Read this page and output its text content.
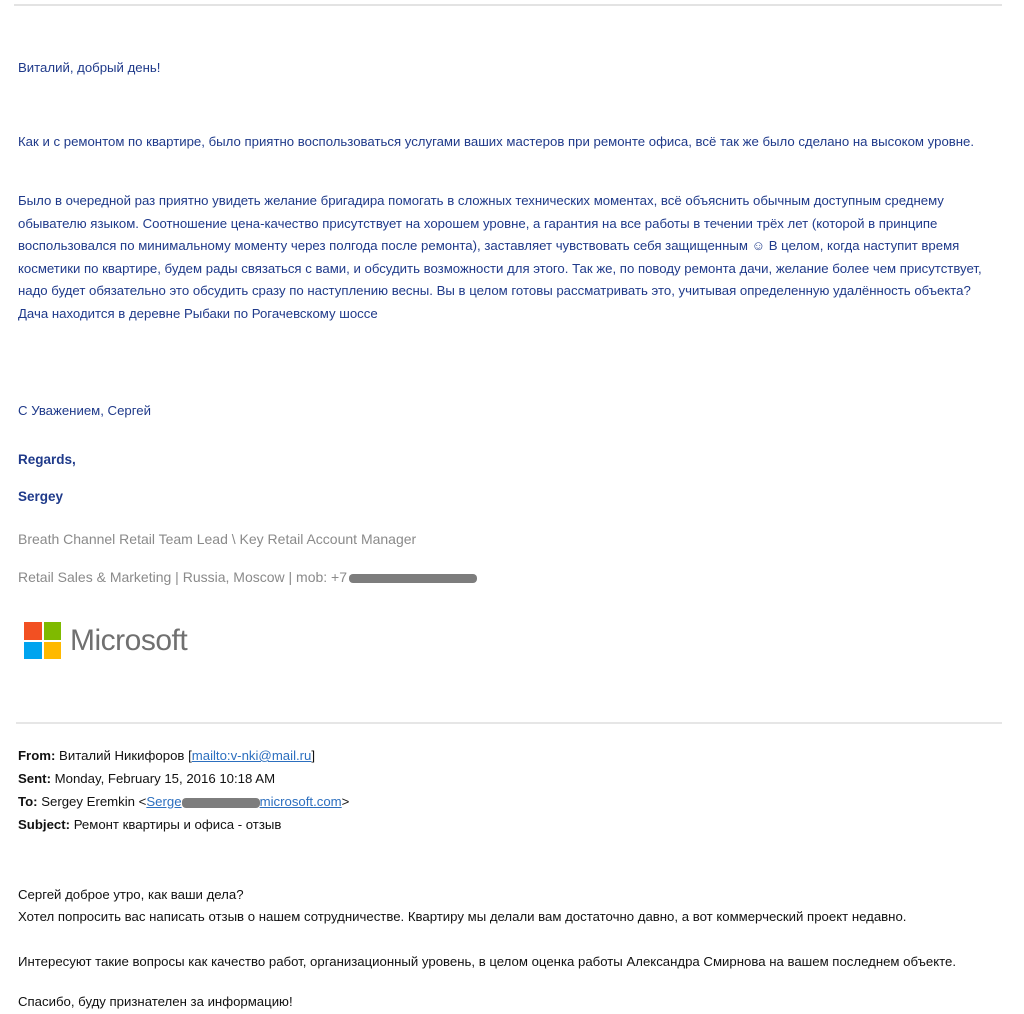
Виталий, добрый день!

Как и с ремонтом по квартире, было приятно воспользоваться услугами ваших мастеров при ремонте офиса, всё так же было сделано на высоком уровне.

Было в очередной раз приятно увидеть желание бригадира помогать в сложных технических моментах, всё объяснить обычным доступным среднему обывателю языком. Соотношение цена-качество присутствует на хорошем уровне, а гарантия на все работы в течении трёх лет (которой в принципе воспользовался по минимальному моменту через полгода после ремонта), заставляет чувствовать себя защищенным ☺ В целом, когда наступит время косметики по квартире, будем рады связаться с вами, и обсудить возможности для этого. Так же, по поводу ремонта дачи, желание более чем присутствует, надо будет обязательно это обсудить сразу по наступлению весны. Вы в целом готовы рассматривать это, учитывая определенную удалённость объекта? Дача находится в деревне Рыбаки по Рогачевскому шоссе

С Уважением, Сергей

Regards,

Sergey

Breath Channel Retail Team Lead \ Key Retail Account Manager

Retail Sales & Marketing | Russia, Moscow | mob: +7

Microsoft

From: Виталий Никифоров [mailto:v-nki@mail.ru]

Sent: Monday, February 15, 2016 10:18 AM

To: Sergey Eremkin <Serge	microsoft.com>

Subject: Ремонт квартиры и офиса - отзыв

Сергей доброе утро, как ваши дела?

Хотел попросить вас написать отзыв о нашем сотрудничестве. Квартиру мы делали вам достаточно давно, а вот коммерческий проект недавно.

Интересуют такие вопросы как качество работ, организационный уровень, в целом оценка работы Александра Смирнова на вашем последнем объекте.

Спасибо, буду признателен за информацию!
